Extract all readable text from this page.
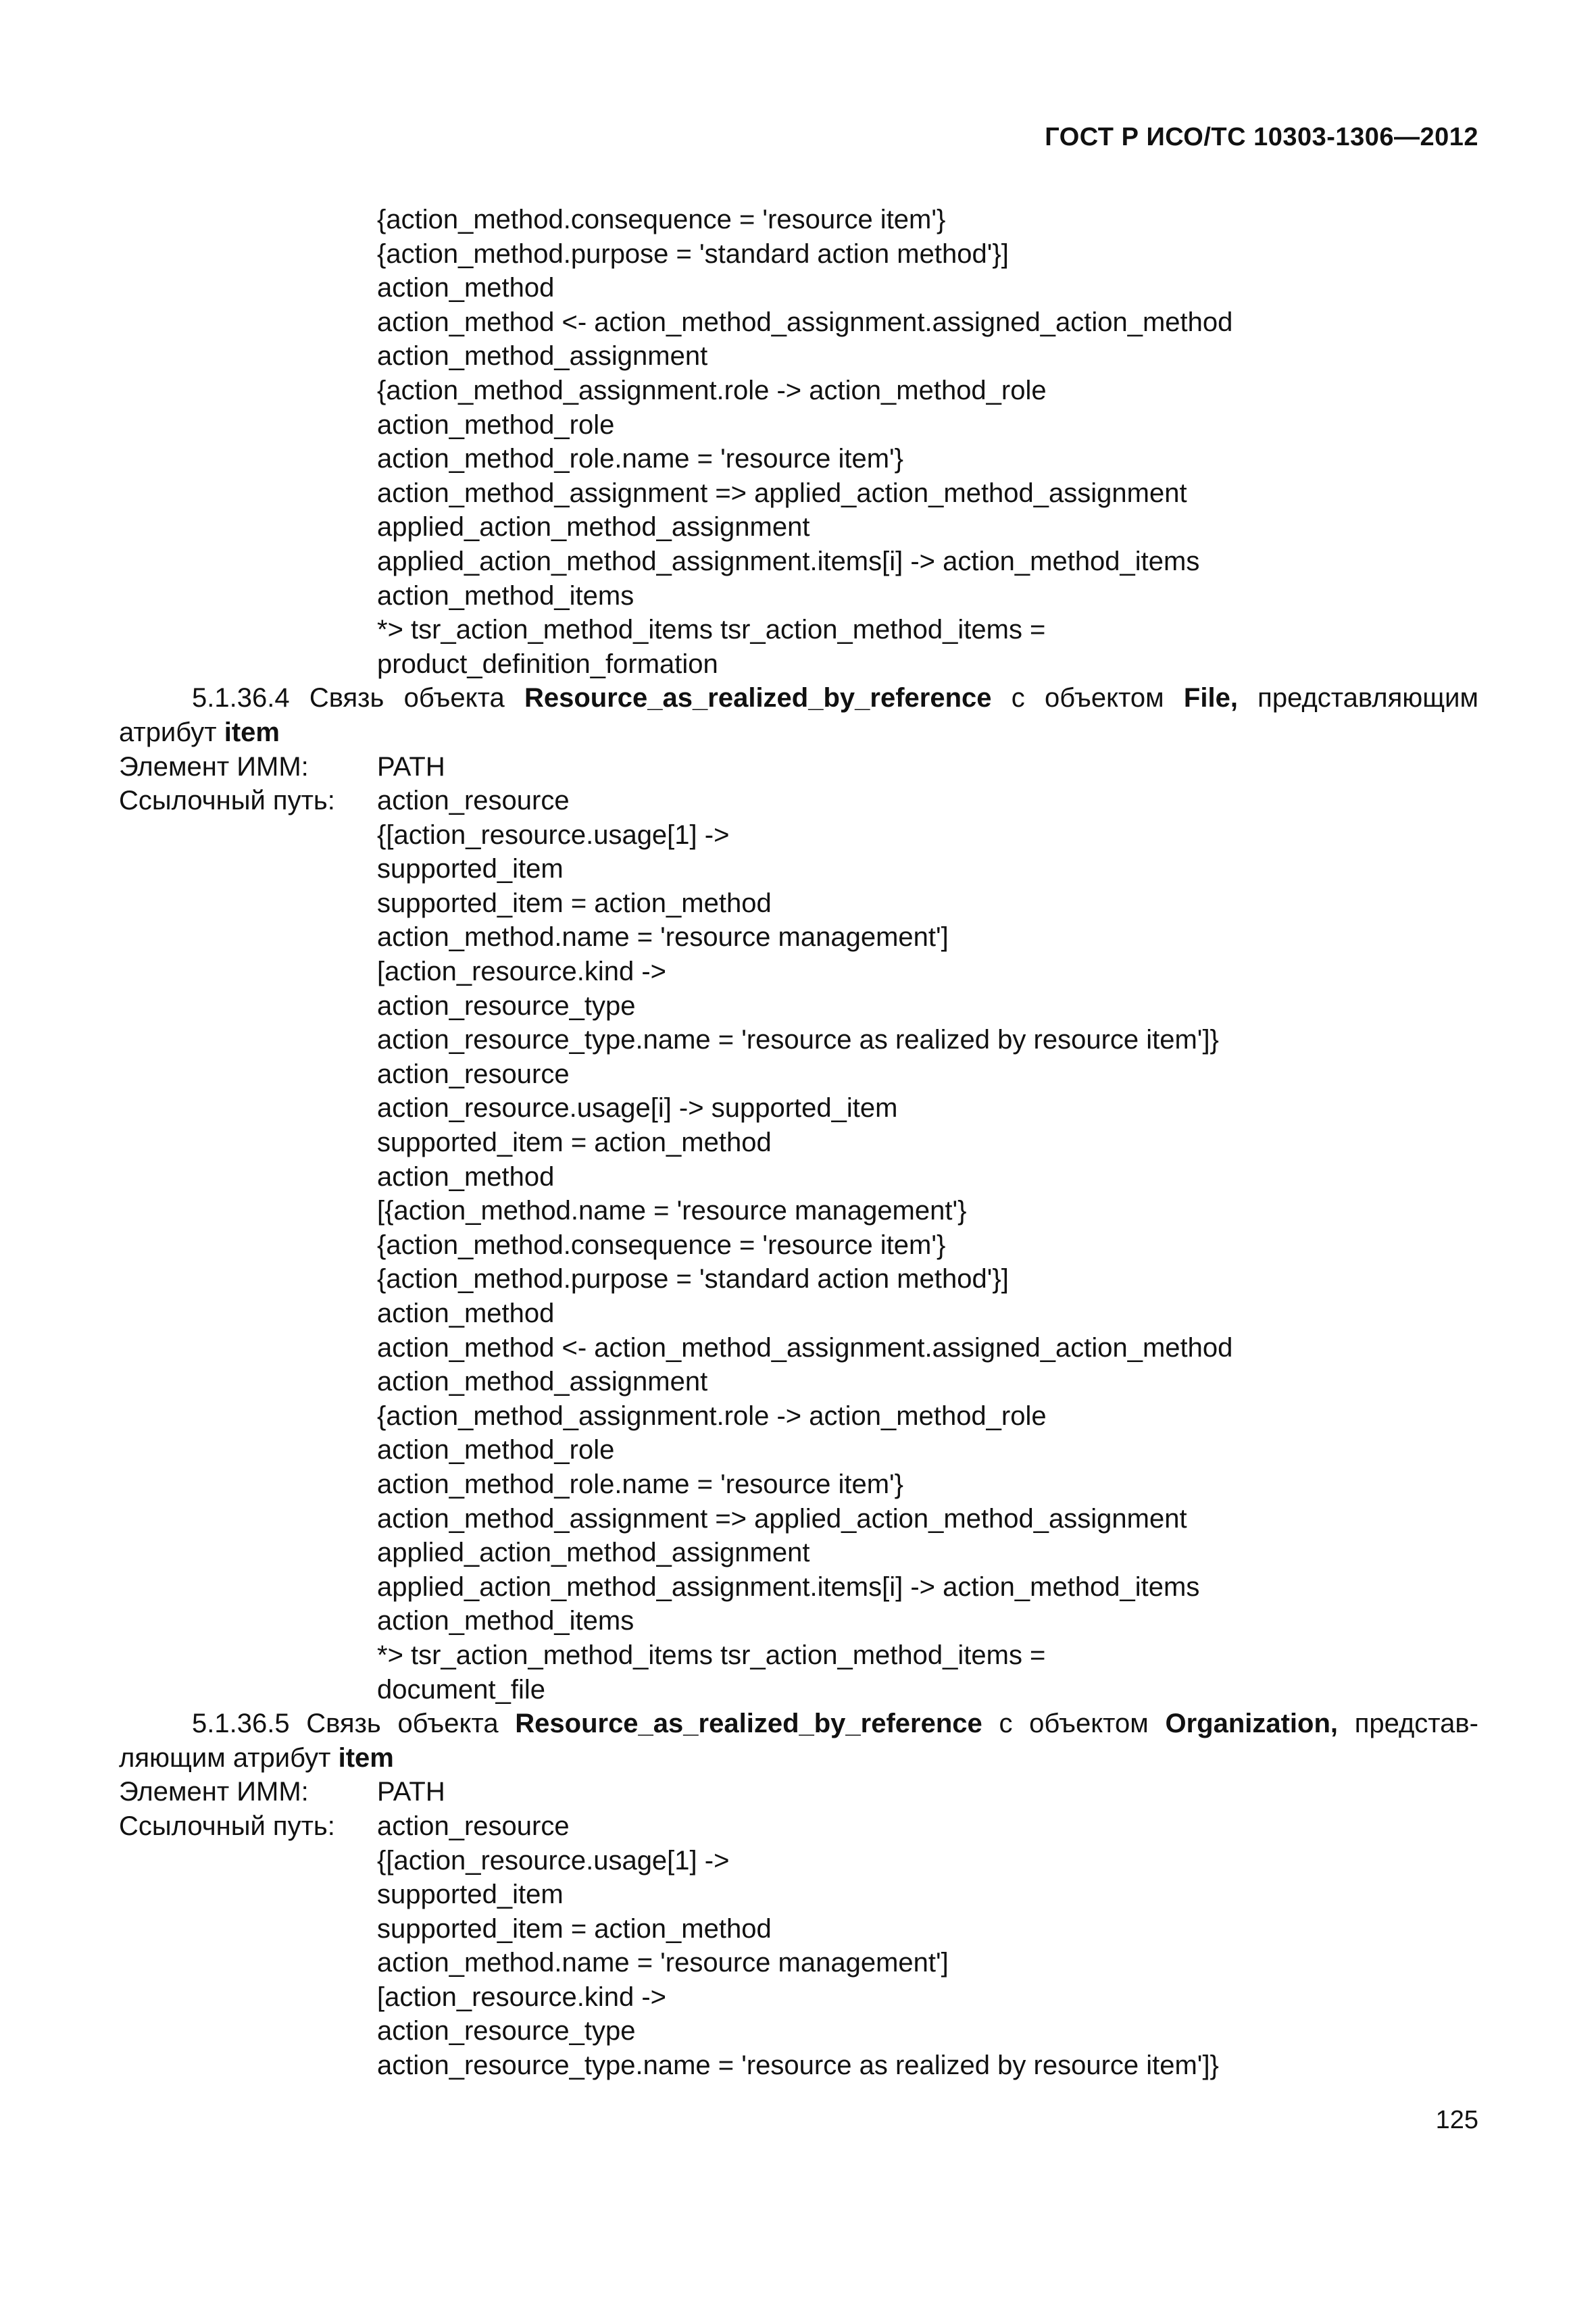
ГОСТ Р ИСО/ТС 10303-1306—2012
{action_method.consequence = 'resource item'}
{action_method.purpose = 'standard action method'}]
action_method
action_method <- action_method_assignment.assigned_action_method
action_method_assignment
{action_method_assignment.role -> action_method_role
action_method_role
action_method_role.name = 'resource item'}
action_method_assignment => applied_action_method_assignment
applied_action_method_assignment
applied_action_method_assignment.items[i] -> action_method_items
action_method_items
*> tsr_action_method_items tsr_action_method_items =
product_definition_formation
5.1.36.4 Связь объекта Resource_as_realized_by_reference с объектом File, представляющим атрибут item
Элемент ИММ:	PATH
Ссылочный путь:	action_resource
{[action_resource.usage[1] ->
supported_item
supported_item = action_method
action_method.name = 'resource management']
[action_resource.kind ->
action_resource_type
action_resource_type.name = 'resource as realized by resource item']}
action_resource
action_resource.usage[i] -> supported_item
supported_item = action_method
action_method
[{action_method.name = 'resource management'}
{action_method.consequence = 'resource item'}
{action_method.purpose = 'standard action method'}]
action_method
action_method <- action_method_assignment.assigned_action_method
action_method_assignment
{action_method_assignment.role -> action_method_role
action_method_role
action_method_role.name = 'resource item'}
action_method_assignment => applied_action_method_assignment
applied_action_method_assignment
applied_action_method_assignment.items[i] -> action_method_items
action_method_items
*> tsr_action_method_items tsr_action_method_items =
document_file
5.1.36.5 Связь объекта Resource_as_realized_by_reference с объектом Organization, представ-ляющим атрибут item
Элемент ИММ:	PATH
Ссылочный путь:	action_resource
{[action_resource.usage[1] ->
supported_item
supported_item = action_method
action_method.name = 'resource management']
[action_resource.kind ->
action_resource_type
action_resource_type.name = 'resource as realized by resource item']}
125
